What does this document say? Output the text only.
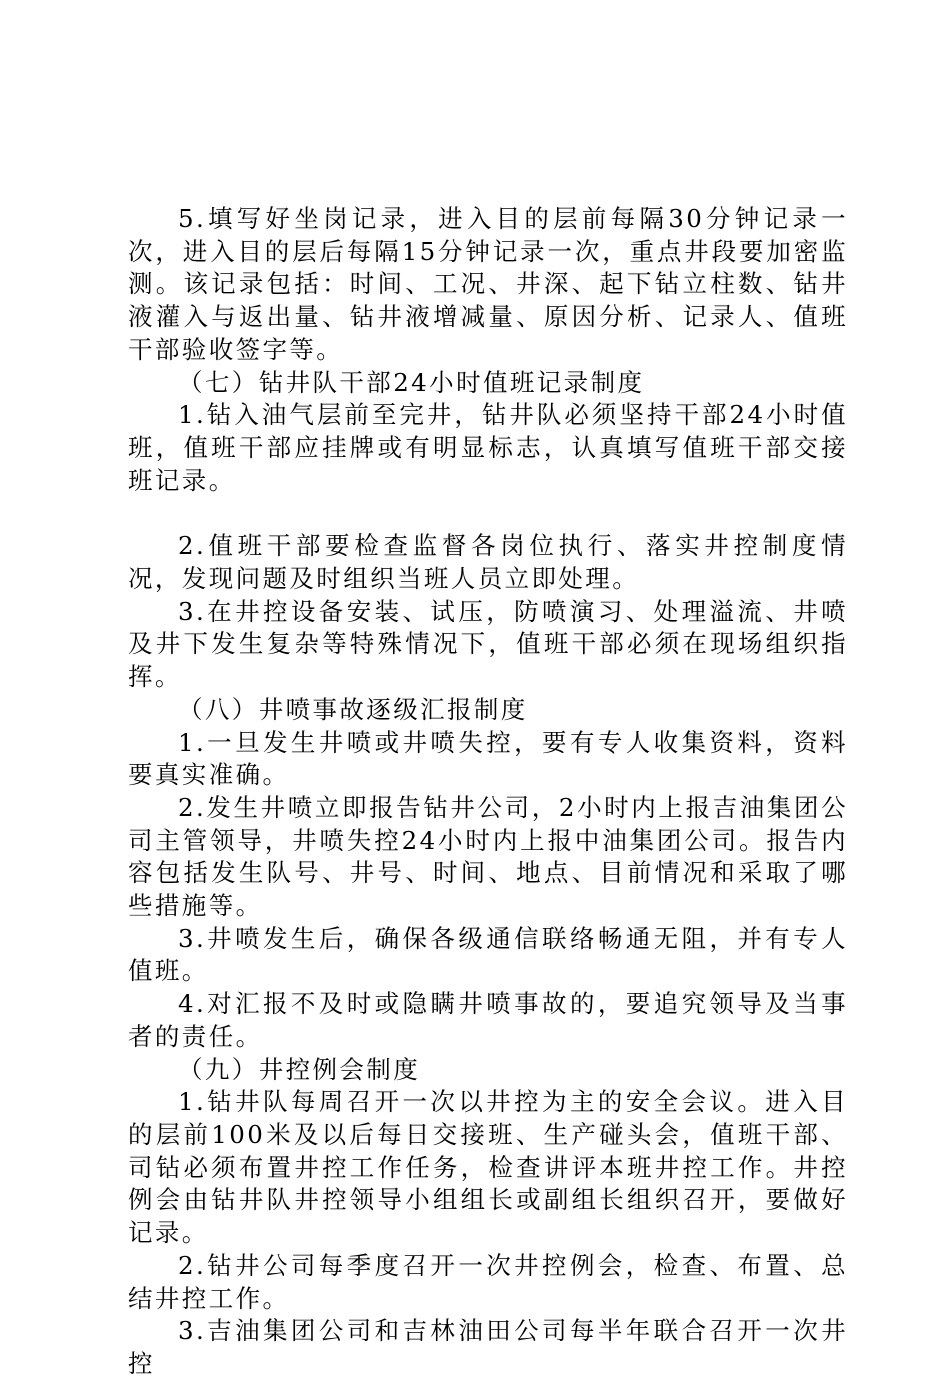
5.填写好坐岗记录，进入目的层前每隔30分钟记录一次，进入目的层后每隔15分钟记录一次，重点井段要加密监测。该记录包括：时间、工况、井深、起下钻立柱数、钻井液灌入与返出量、钻井液增减量、原因分析、记录人、值班干部验收签字等。

（七）钻井队干部24小时值班记录制度

1.钻入油气层前至完井，钻井队必须坚持干部24小时值班，值班干部应挂牌或有明显标志，认真填写值班干部交接班记录。

2.值班干部要检查监督各岗位执行、落实井控制度情况，发现问题及时组织当班人员立即处理。

3.在井控设备安装、试压，防喷演习、处理溢流、井喷及井下发生复杂等特殊情况下，值班干部必须在现场组织指挥。

（八）井喷事故逐级汇报制度

1.一旦发生井喷或井喷失控，要有专人收集资料，资料要真实准确。

2.发生井喷立即报告钻井公司，2小时内上报吉油集团公司主管领导，井喷失控24小时内上报中油集团公司。报告内容包括发生队号、井号、时间、地点、目前情况和采取了哪些措施等。

3.井喷发生后，确保各级通信联络畅通无阻，并有专人值班。

4.对汇报不及时或隐瞒井喷事故的，要追究领导及当事者的责任。

（九）井控例会制度

1.钻井队每周召开一次以井控为主的安全会议。进入目的层前100米及以后每日交接班、生产碰头会，值班干部、司钻必须布置井控工作任务，检查讲评本班井控工作。井控例会由钻井队井控领导小组组长或副组长组织召开，要做好记录。

2.钻井公司每季度召开一次井控例会，检查、布置、总结井控工作。

3.吉油集团公司和吉林油田公司每半年联合召开一次井控
